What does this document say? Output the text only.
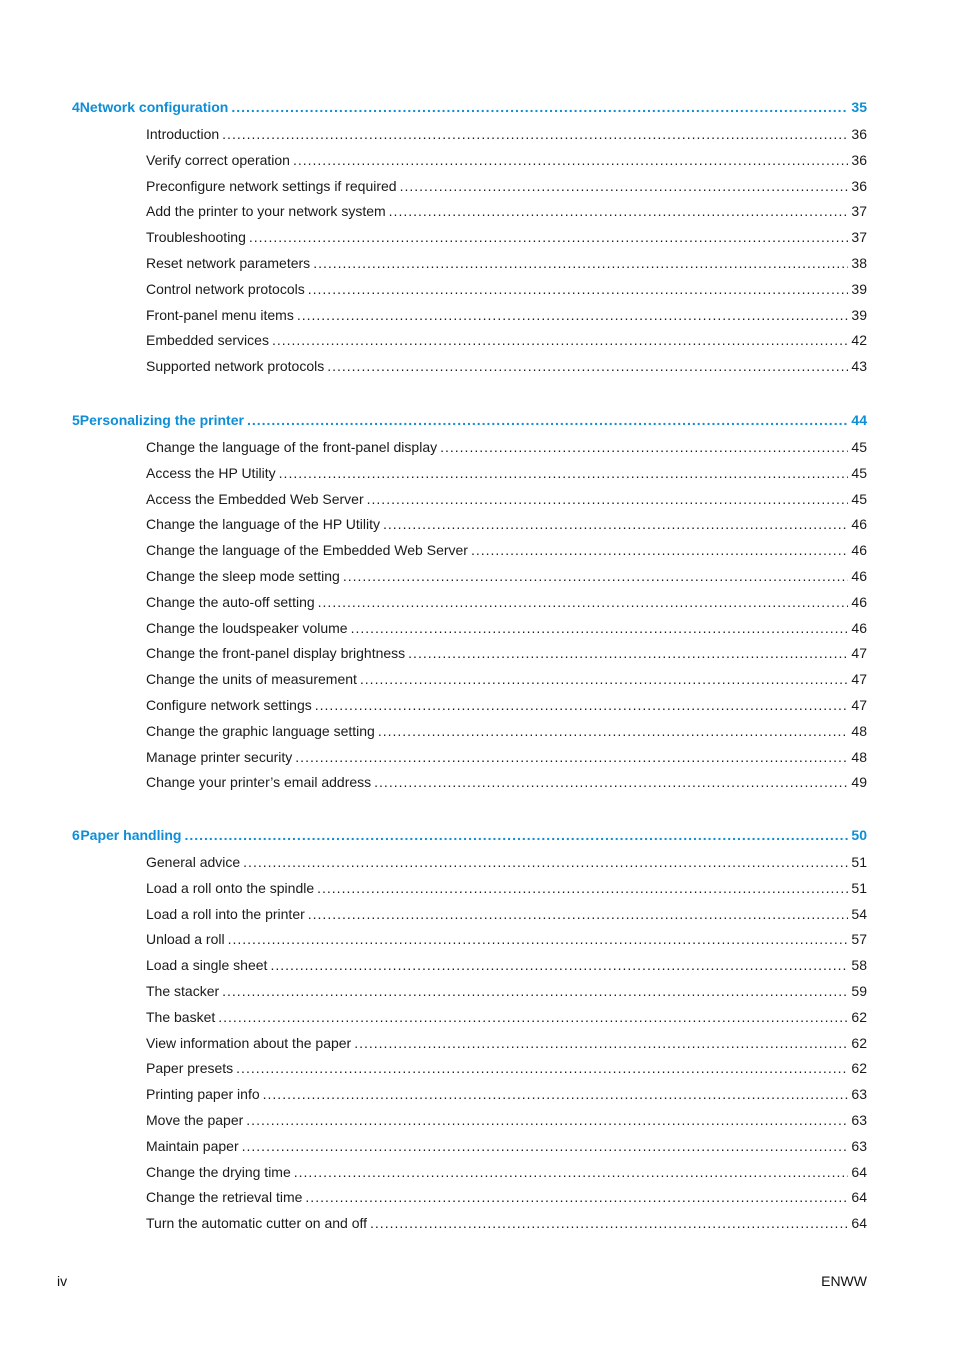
4 Network configuration .....	35
Introduction .....	36
Verify correct operation .....	36
Preconfigure network settings if required .....	36
Add the printer to your network system .....	37
Troubleshooting .....	37
Reset network parameters .....	38
Control network protocols .....	39
Front-panel menu items .....	39
Embedded services .....	42
Supported network protocols .....	43
5 Personalizing the printer .....	44
Change the language of the front-panel display .....	45
Access the HP Utility .....	45
Access the Embedded Web Server .....	45
Change the language of the HP Utility .....	46
Change the language of the Embedded Web Server .....	46
Change the sleep mode setting .....	46
Change the auto-off setting .....	46
Change the loudspeaker volume .....	46
Change the front-panel display brightness .....	47
Change the units of measurement .....	47
Configure network settings .....	47
Change the graphic language setting .....	48
Manage printer security .....	48
Change your printer’s email address .....	49
6 Paper handling .....	50
General advice .....	51
Load a roll onto the spindle .....	51
Load a roll into the printer .....	54
Unload a roll .....	57
Load a single sheet .....	58
The stacker .....	59
The basket .....	62
View information about the paper .....	62
Paper presets .....	62
Printing paper info .....	63
Move the paper .....	63
Maintain paper .....	63
Change the drying time .....	64
Change the retrieval time .....	64
Turn the automatic cutter on and off .....	64
iv	ENWW
